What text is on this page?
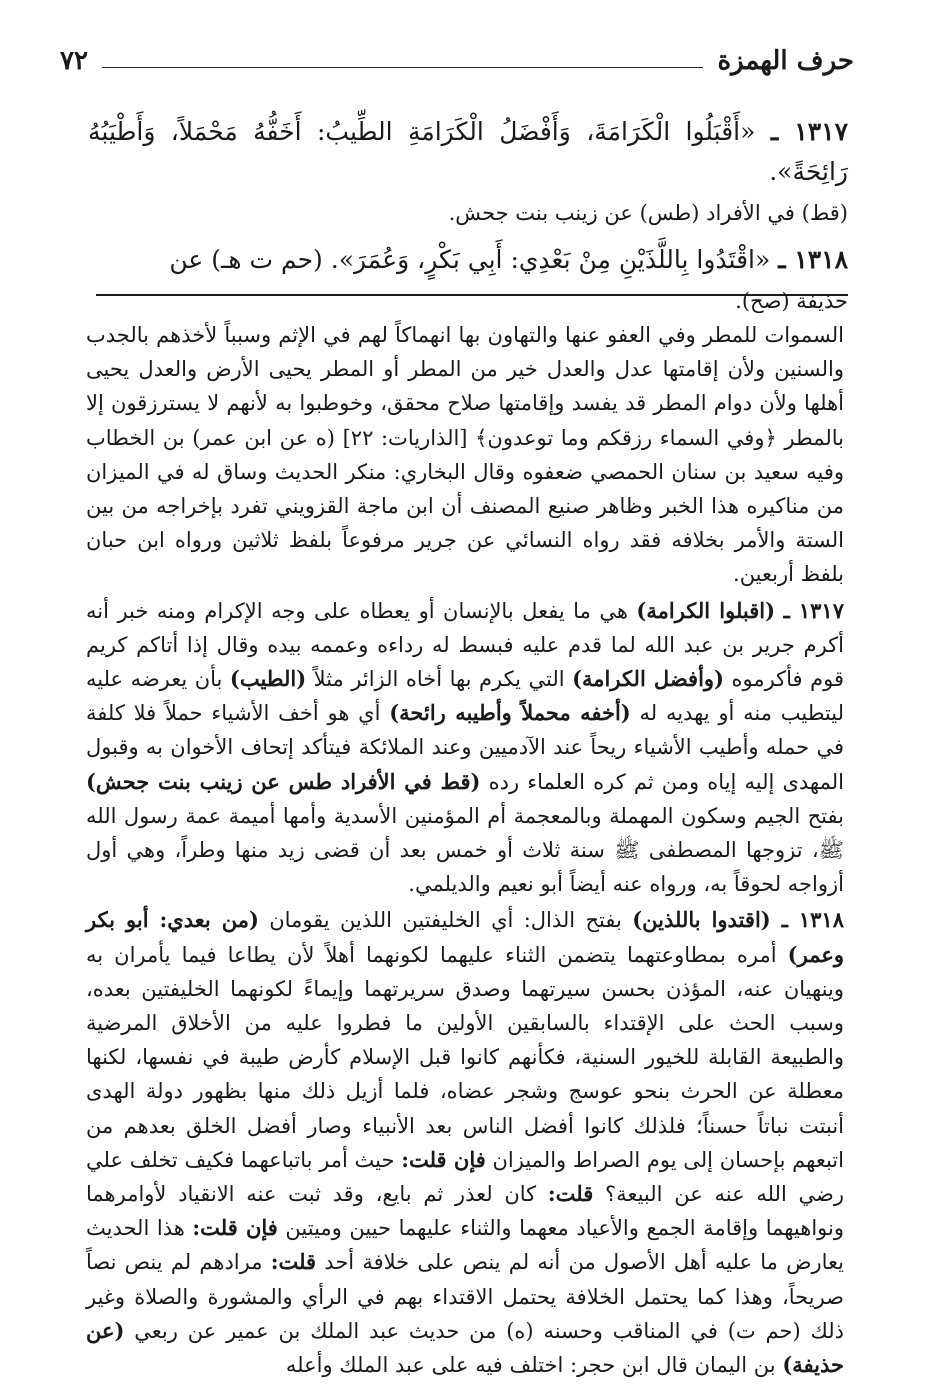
حرف الهمزة
٧٢

١٣١٧ ـ «أَقْبَلُوا الْكَرَامَةَ، وَأَفْضَلُ الْكَرَامَةِ الطِّيبُ: أَخَفُّهُ مَحْمَلاً، وَأَطْيَبُهُ رَائِحَةً».

(قط) في الأفراد (طس) عن زينب بنت جحش.

١٣١٨ ـ «اقْتَدُوا بِاللَّذَيْنِ مِنْ بَعْدِي: أَبِي بَكْرٍ، وَعُمَرَ». (حم ت هـ) عن

حذيفة (صح).

السموات للمطر وفي العفو عنها والتهاون بها انهماكاً لهم في الإثم وسبباً لأخذهم بالجدب والسنين ولأن إقامتها عدل والعدل خير من المطر أو المطر يحيى الأرض والعدل يحيى أهلها ولأن دوام المطر قد يفسد وإقامتها صلاح محقق، وخوطبوا به لأنهم لا يسترزقون إلا بالمطر ﴿وفي السماء رزقكم وما توعدون﴾ [الذاريات: ٢٢] (ه عن ابن عمر) بن الخطاب وفيه سعيد بن سنان الحمصي ضعفوه وقال البخاري: منكر الحديث وساق له في الميزان من مناكيره هذا الخبر وظاهر صنيع المصنف أن ابن ماجة القزويني تفرد بإخراجه من بين الستة والأمر بخلافه فقد رواه النسائي عن جرير مرفوعاً بلفظ ثلاثين ورواه ابن حبان بلفظ أربعين.

١٣١٧ ـ (اقبلوا الكرامة) هي ما يفعل بالإنسان أو يعطاه على وجه الإكرام ومنه خبر أنه أكرم جرير بن عبد الله لما قدم عليه فبسط له رداءه وعممه بيده وقال إذا أتاكم كريم قوم فأكرموه (وأفضل الكرامة) التي يكرم بها أخاه الزائر مثلاً (الطيب) بأن يعرضه عليه ليتطيب منه أو يهديه له (أخفه محملاً وأطيبه رائحة) أي هو أخف الأشياء حملاً فلا كلفة في حمله وأطيب الأشياء ريحاً عند الآدميين وعند الملائكة فيتأكد إتحاف الأخوان به وقبول المهدى إليه إياه ومن ثم كره العلماء رده (قط في الأفراد طس عن زينب بنت جحش) بفتح الجيم وسكون المهملة وبالمعجمة أم المؤمنين الأسدية وأمها أميمة عمة رسول الله ﷺ، تزوجها المصطفى ﷺ سنة ثلاث أو خمس بعد أن قضى زيد منها وطراً، وهي أول أزواجه لحوقاً به، ورواه عنه أيضاً أبو نعيم والديلمي.

١٣١٨ ـ (اقتدوا باللذين) بفتح الذال: أي الخليفتين اللذين يقومان (من بعدي: أبو بكر وعمر) أمره بمطاوعتهما يتضمن الثناء عليهما لكونهما أهلاً لأن يطاعا فيما يأمران به وينهيان عنه، المؤذن بحسن سيرتهما وصدق سريرتهما وإيماءً لكونهما الخليفتين بعده، وسبب الحث على الإقتداء بالسابقين الأولين ما فطروا عليه من الأخلاق المرضية والطبيعة القابلة للخيور السنية، فكأنهم كانوا قبل الإسلام كأرض طيبة في نفسها، لكنها معطلة عن الحرث بنحو عوسج وشجر عضاه، فلما أزيل ذلك منها بظهور دولة الهدى أنبتت نباتاً حسناً؛ فلذلك كانوا أفضل الناس بعد الأنبياء وصار أفضل الخلق بعدهم من اتبعهم بإحسان إلى يوم الصراط والميزان فإن قلت: حيث أمر باتباعهما فكيف تخلف علي رضي الله عنه عن البيعة؟ قلت: كان لعذر ثم بايع، وقد ثبت عنه الانقياد لأوامرهما ونواهيهما وإقامة الجمع والأعياد معهما والثناء عليهما حيين وميتين فإن قلت: هذا الحديث يعارض ما عليه أهل الأصول من أنه لم ينص على خلافة أحد قلت: مرادهم لم ينص نصاً صريحاً، وهذا كما يحتمل الخلافة يحتمل الاقتداء بهم في الرأي والمشورة والصلاة وغير ذلك (حم ت) في المناقب وحسنه (ه) من حديث عبد الملك بن عمير عن ربعي (عن حذيفة) بن اليمان قال ابن حجر: اختلف فيه على عبد الملك وأعله
